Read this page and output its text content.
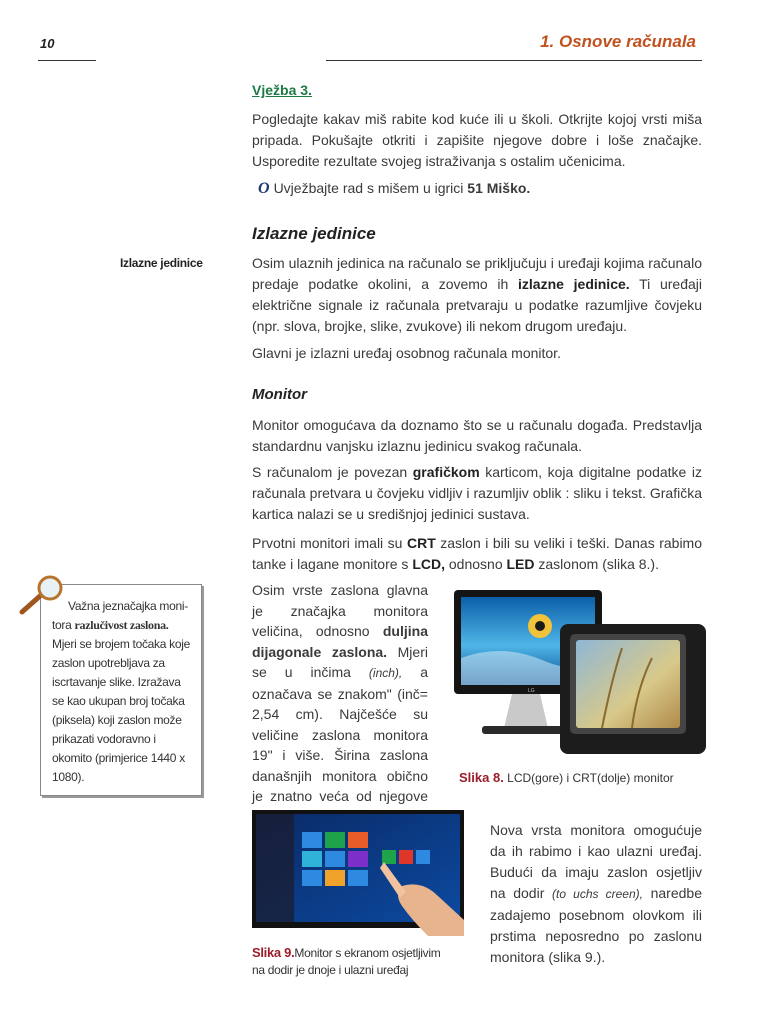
10	1. Osnove računala
Vježba 3.
Pogledajte kakav miš rabite kod kuće ili u školi. Otkrijte kojoj vrsti miša pripada. Pokušajte otkriti i zapišite njegove dobre i loše značajke. Usporedite rezultate svojeg istraživanja s ostalim učenicima.
O Uvježbajte rad s mišem u igrici 51 Miško.
Izlazne jedinice
Izlazne jedinice	Osim ulaznih jedinica na računalo se priključuju i uređaji kojima računalo predaje podatke okolini, a zovemo ih izlazne jedinice. Ti uređaji električne signale iz računala pretvaraju u podatke razumljive čovjeku (npr. slova, brojke, slike, zvukove) ili nekom drugom uređaju.
Glavni je izlazni uređaj osobnog računala monitor.
Monitor
Monitor omogućava da doznamo što se u računalu događa. Predstavlja standardnu vanjsku izlaznu jedinicu svakog računala.
S računalom je povezan grafičkom karticom, koja digitalne podatke iz računala pretvara u čovjeku vidljiv i razumljiv oblik : sliku i tekst. Grafička kartica nalazi se u središnjoj jedinici sustava.
Prvotni monitori imali su CRT zaslon i bili su veliki i teški. Danas rabimo tanke i lagane monitore s LCD, odnosno LED zaslonom (slika 8.).
Važna jeznačajka moni-
tora razlučivost zaslona. Mjeri se brojem točaka koje zaslon upotrebljava za iscrtavanje slike. Izražava se kao ukupan broj točaka (piksela) koji zaslon može prikazati vodoravno i okomito (primjerice 1440 x 1080).
Osim vrste zaslona glavna je značajka monitora veličina, odnosno duljina dijagonale zaslona. Mjeri se u inčima (inch), a označava se znakom" (inč= 2,54 cm). Najčešće su veličine zaslona monitora 19" i više. Širina zaslona današnjih monitora obično je znatno veća od njegove
LG
Slika 8. LCD(gore) i CRT(dolje) monitor
Slika 9.Monitor s ekranom osjetljivim na dodir je dnoje i ulazni uređaj
Nova vrsta monitora omogućuje da ih rabimo i kao ulazni uređaj. Budući da imaju zaslon osjetljiv na dodir (to uchs creen), naredbe zadajemo posebnom olovkom ili prstima neposredno po zaslonu monitora (slika 9.).
